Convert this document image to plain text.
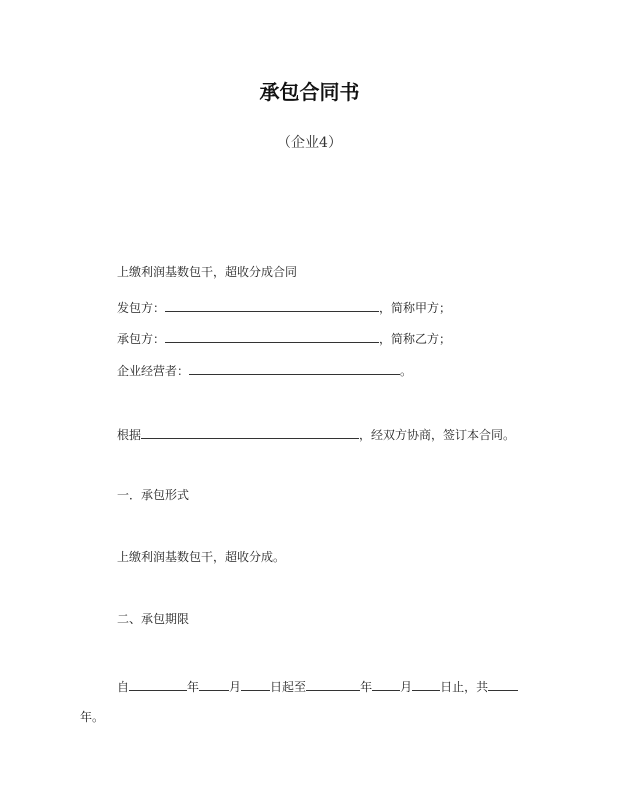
承包合同书
（企业4）
上缴利润基数包干，超收分成合同
发包方：	，简称甲方；
承包方：	，简称乙方；
企业经营者：	。
根据	，经双方协商，签订本合同。
一．承包形式
上缴利润基数包干，超收分成。
二、承包期限
自	年	月 日起至	年 月 日止，共
年。
